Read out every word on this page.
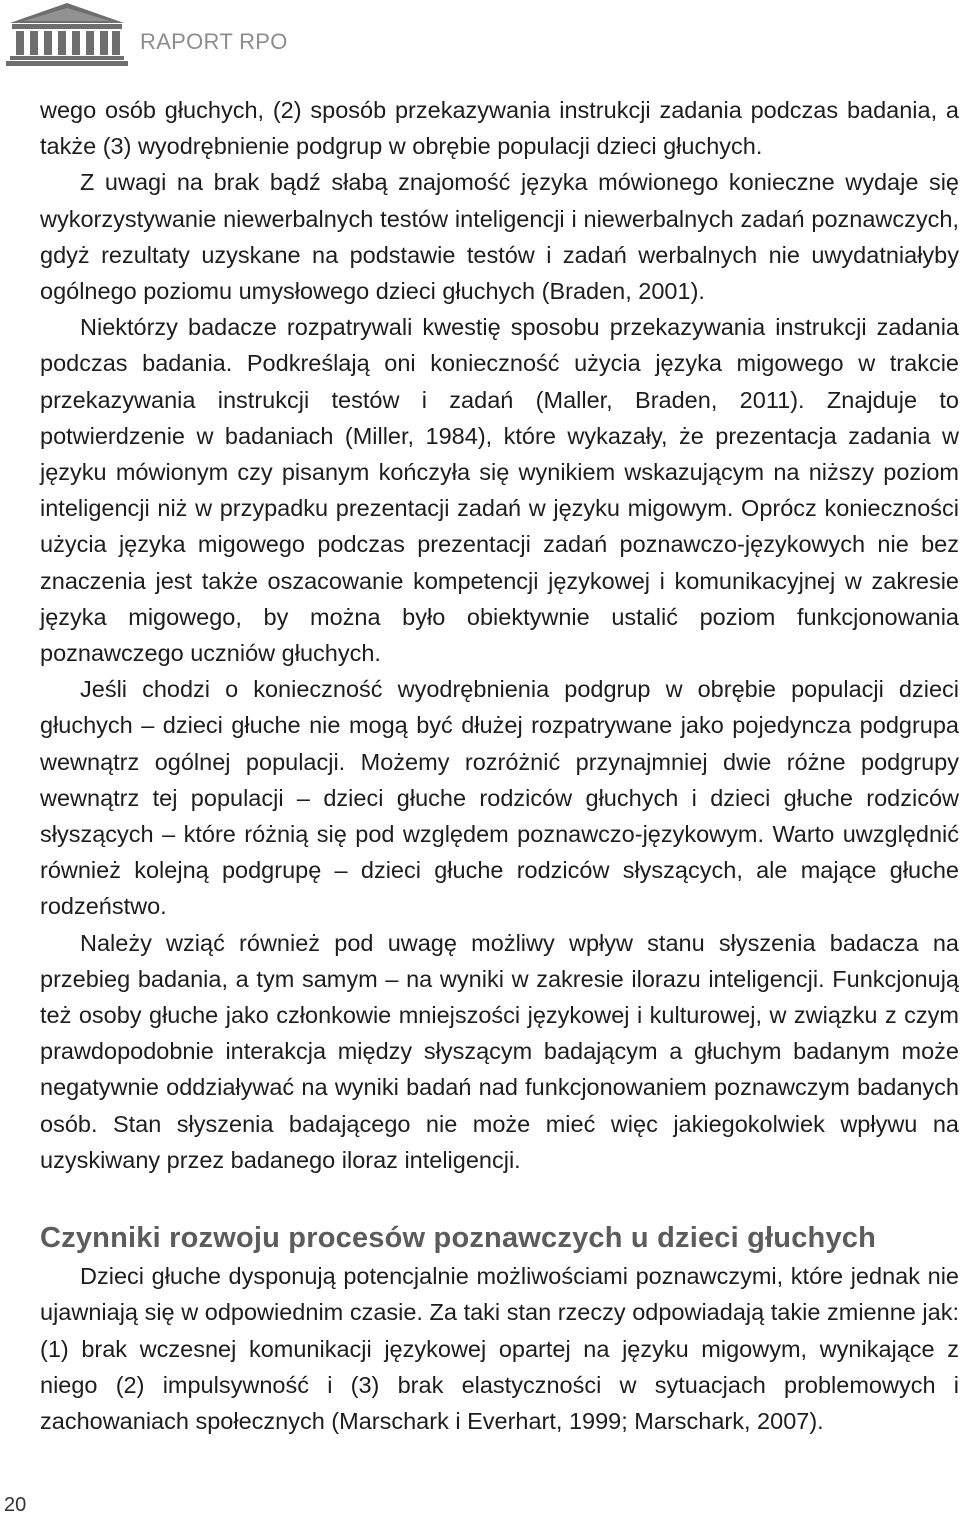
RAPORT RPO

wego osób głuchych, (2) sposób przekazywania instrukcji zadania podczas badania, a także (3) wyodrębnienie podgrup w obrębie populacji dzieci głuchych.

Z uwagi na brak bądź słabą znajomość języka mówionego konieczne wydaje się wykorzystywanie niewerbalnych testów inteligencji i niewerbalnych zadań poznawczych, gdyż rezultaty uzyskane na podstawie testów i zadań werbalnych nie uwydatniałyby ogólnego poziomu umysłowego dzieci głuchych (Braden, 2001).

Niektórzy badacze rozpatrywali kwestię sposobu przekazywania instrukcji zadania podczas badania. Podkreślają oni konieczność użycia języka migowego w trakcie przekazywania instrukcji testów i zadań (Maller, Braden, 2011). Znajduje to potwierdzenie w badaniach (Miller, 1984), które wykazały, że prezentacja zadania w języku mówionym czy pisanym kończyła się wynikiem wskazującym na niższy poziom inteligencji niż w przypadku prezentacji zadań w języku migowym. Oprócz konieczności użycia języka migowego podczas prezentacji zadań poznawczo-językowych nie bez znaczenia jest także oszacowanie kompetencji językowej i komunikacyjnej w zakresie języka migowego, by można było obiektywnie ustalić poziom funkcjonowania poznawczego uczniów głuchych.

Jeśli chodzi o konieczność wyodrębnienia podgrup w obrębie populacji dzieci głuchych – dzieci głuche nie mogą być dłużej rozpatrywane jako pojedyncza podgrupa wewnątrz ogólnej populacji. Możemy rozróżnić przynajmniej dwie różne podgrupy wewnątrz tej populacji – dzieci głuche rodziców głuchych i dzieci głuche rodziców słyszących – które różnią się pod względem poznawczo-językowym. Warto uwzględnić również kolejną podgrupę – dzieci głuche rodziców słyszących, ale mające głuche rodzeństwo.

Należy wziąć również pod uwagę możliwy wpływ stanu słyszenia badacza na przebieg badania, a tym samym – na wyniki w zakresie ilorazu inteligencji. Funkcjonują też osoby głuche jako członkowie mniejszości językowej i kulturowej, w związku z czym prawdopodobnie interakcja między słyszącym badającym a głuchym badanym może negatywnie oddziaływać na wyniki badań nad funkcjonowaniem poznawczym badanych osób. Stan słyszenia badającego nie może mieć więc jakiegokolwiek wpływu na uzyskiwany przez badanego iloraz inteligencji.

Czynniki rozwoju procesów poznawczych u dzieci głuchych

Dzieci głuche dysponują potencjalnie możliwościami poznawczymi, które jednak nie ujawniają się w odpowiednim czasie. Za taki stan rzeczy odpowiadają takie zmienne jak: (1) brak wczesnej komunikacji językowej opartej na języku migowym, wynikające z niego (2) impulsywność i (3) brak elastyczności w sytuacjach problemowych i zachowaniach społecznych (Marschark i Everhart, 1999; Marschark, 2007).

20
